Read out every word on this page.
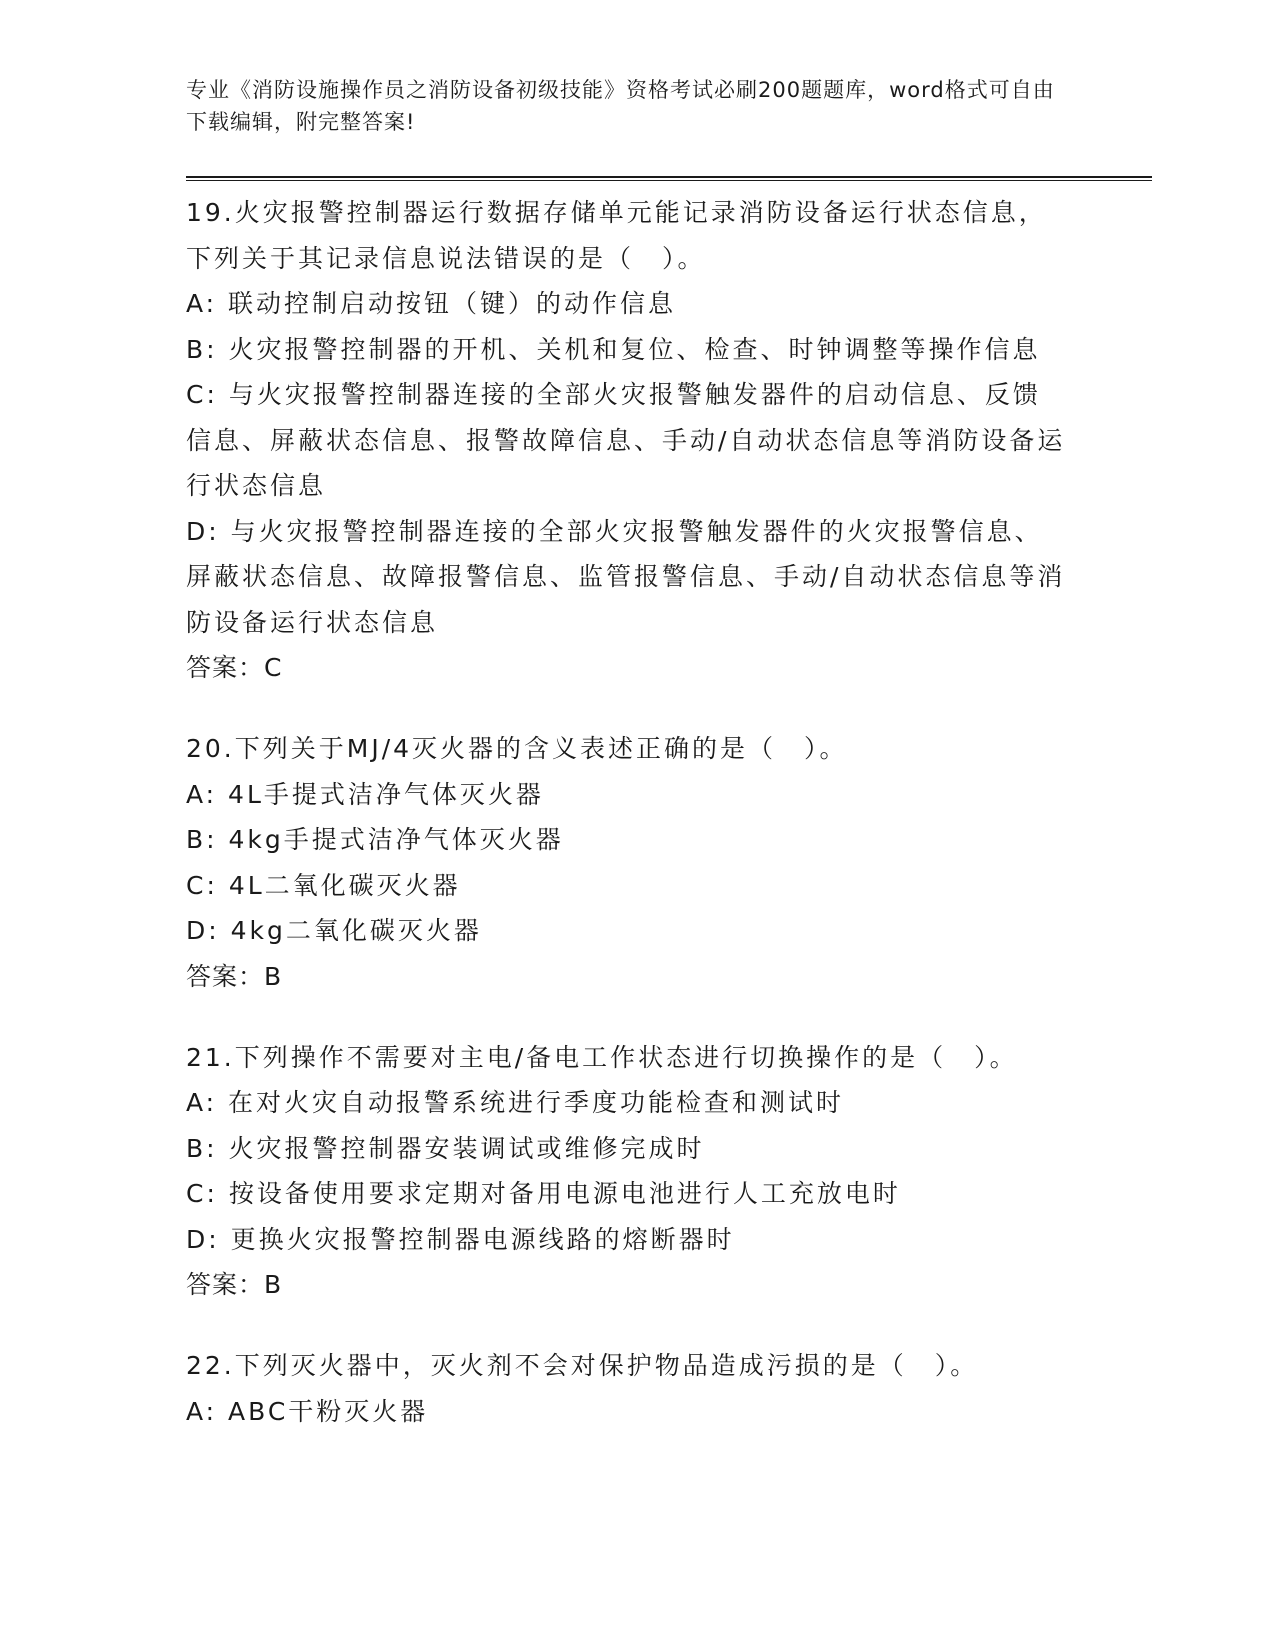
专业《消防设施操作员之消防设备初级技能》资格考试必刷200题题库，word格式可自由下载编辑，附完整答案!

19.火灾报警控制器运行数据存储单元能记录消防设备运行状态信息，下列关于其记录信息说法错误的是（　）。

A: 联动控制启动按钮（键）的动作信息

B: 火灾报警控制器的开机、关机和复位、检查、时钟调整等操作信息

C: 与火灾报警控制器连接的全部火灾报警触发器件的启动信息、反馈信息、屏蔽状态信息、报警故障信息、手动/自动状态信息等消防设备运行状态信息

D: 与火灾报警控制器连接的全部火灾报警触发器件的火灾报警信息、屏蔽状态信息、故障报警信息、监管报警信息、手动/自动状态信息等消防设备运行状态信息

答案：C

20.下列关于MJ/4灭火器的含义表述正确的是（　）。

A: 4L手提式洁净气体灭火器

B: 4kg手提式洁净气体灭火器

C: 4L二氧化碳灭火器

D: 4kg二氧化碳灭火器

答案：B

21.下列操作不需要对主电/备电工作状态进行切换操作的是（　）。

A: 在对火灾自动报警系统进行季度功能检查和测试时

B: 火灾报警控制器安装调试或维修完成时

C: 按设备使用要求定期对备用电源电池进行人工充放电时

D: 更换火灾报警控制器电源线路的熔断器时

答案：B

22.下列灭火器中，灭火剂不会对保护物品造成污损的是（　）。

A: ABC干粉灭火器
